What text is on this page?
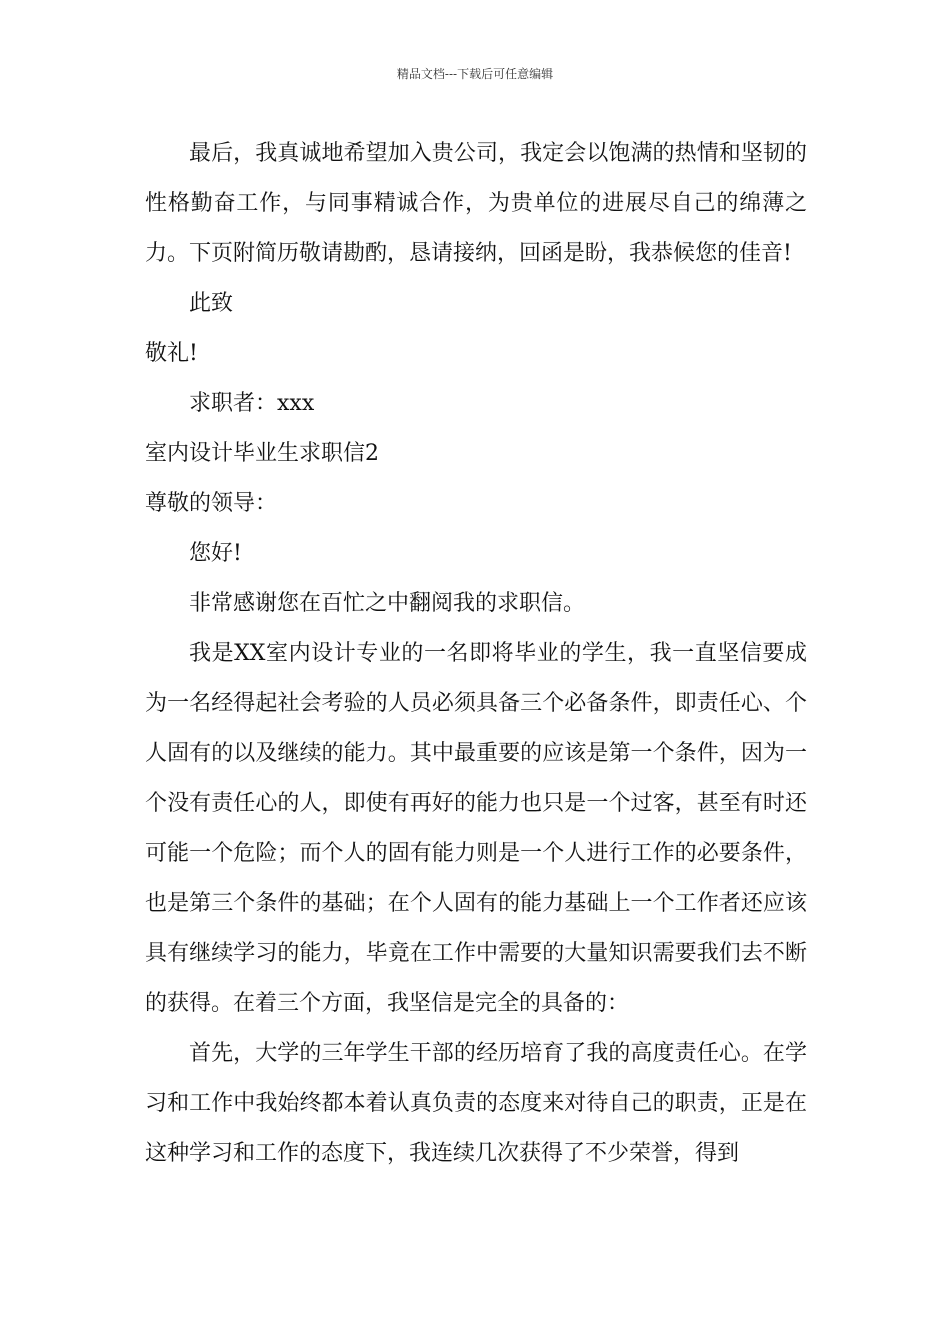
精品文档---下载后可任意编辑

最后，我真诚地希望加入贵公司，我定会以饱满的热情和坚韧的性格勤奋工作，与同事精诚合作，为贵单位的进展尽自己的绵薄之力。下页附简历敬请勘酌，恳请接纳，回函是盼，我恭候您的佳音!

此致

敬礼!

求职者：xxx

室内设计毕业生求职信2

尊敬的领导：

您好!

非常感谢您在百忙之中翻阅我的求职信。

我是XX室内设计专业的一名即将毕业的学生，我一直坚信要成为一名经得起社会考验的人员必须具备三个必备条件，即责任心、个人固有的以及继续的能力。其中最重要的应该是第一个条件，因为一个没有责任心的人，即使有再好的能力也只是一个过客，甚至有时还可能一个危险；而个人的固有能力则是一个人进行工作的必要条件，也是第三个条件的基础；在个人固有的能力基础上一个工作者还应该具有继续学习的能力，毕竟在工作中需要的大量知识需要我们去不断的获得。在着三个方面，我坚信是完全的具备的：

首先，大学的三年学生干部的经历培育了我的高度责任心。在学习和工作中我始终都本着认真负责的态度来对待自己的职责，正是在这种学习和工作的态度下，我连续几次获得了不少荣誉，得到
